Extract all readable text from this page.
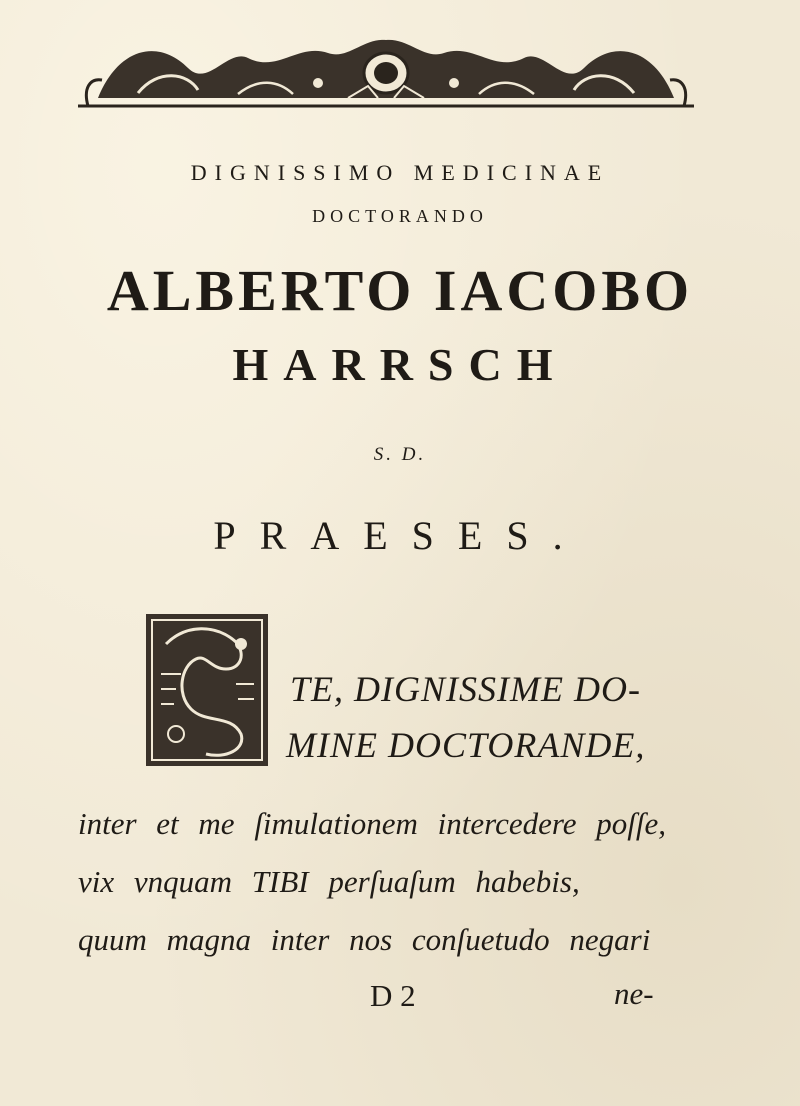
DIGNISSIMO MEDICINAE
DOCTORANDO
ALBERTO IACOBO
HARRSCH
S. D.
PRAESES.
TE, DIGNISSIME DO-
MINE DOCTORANDE,
inter et me ſimulationem intercedere poſſe,
vix vnquam TIBI perſuaſum habebis,
quum magna inter nos conſuetudo negari
D 2	ne-
